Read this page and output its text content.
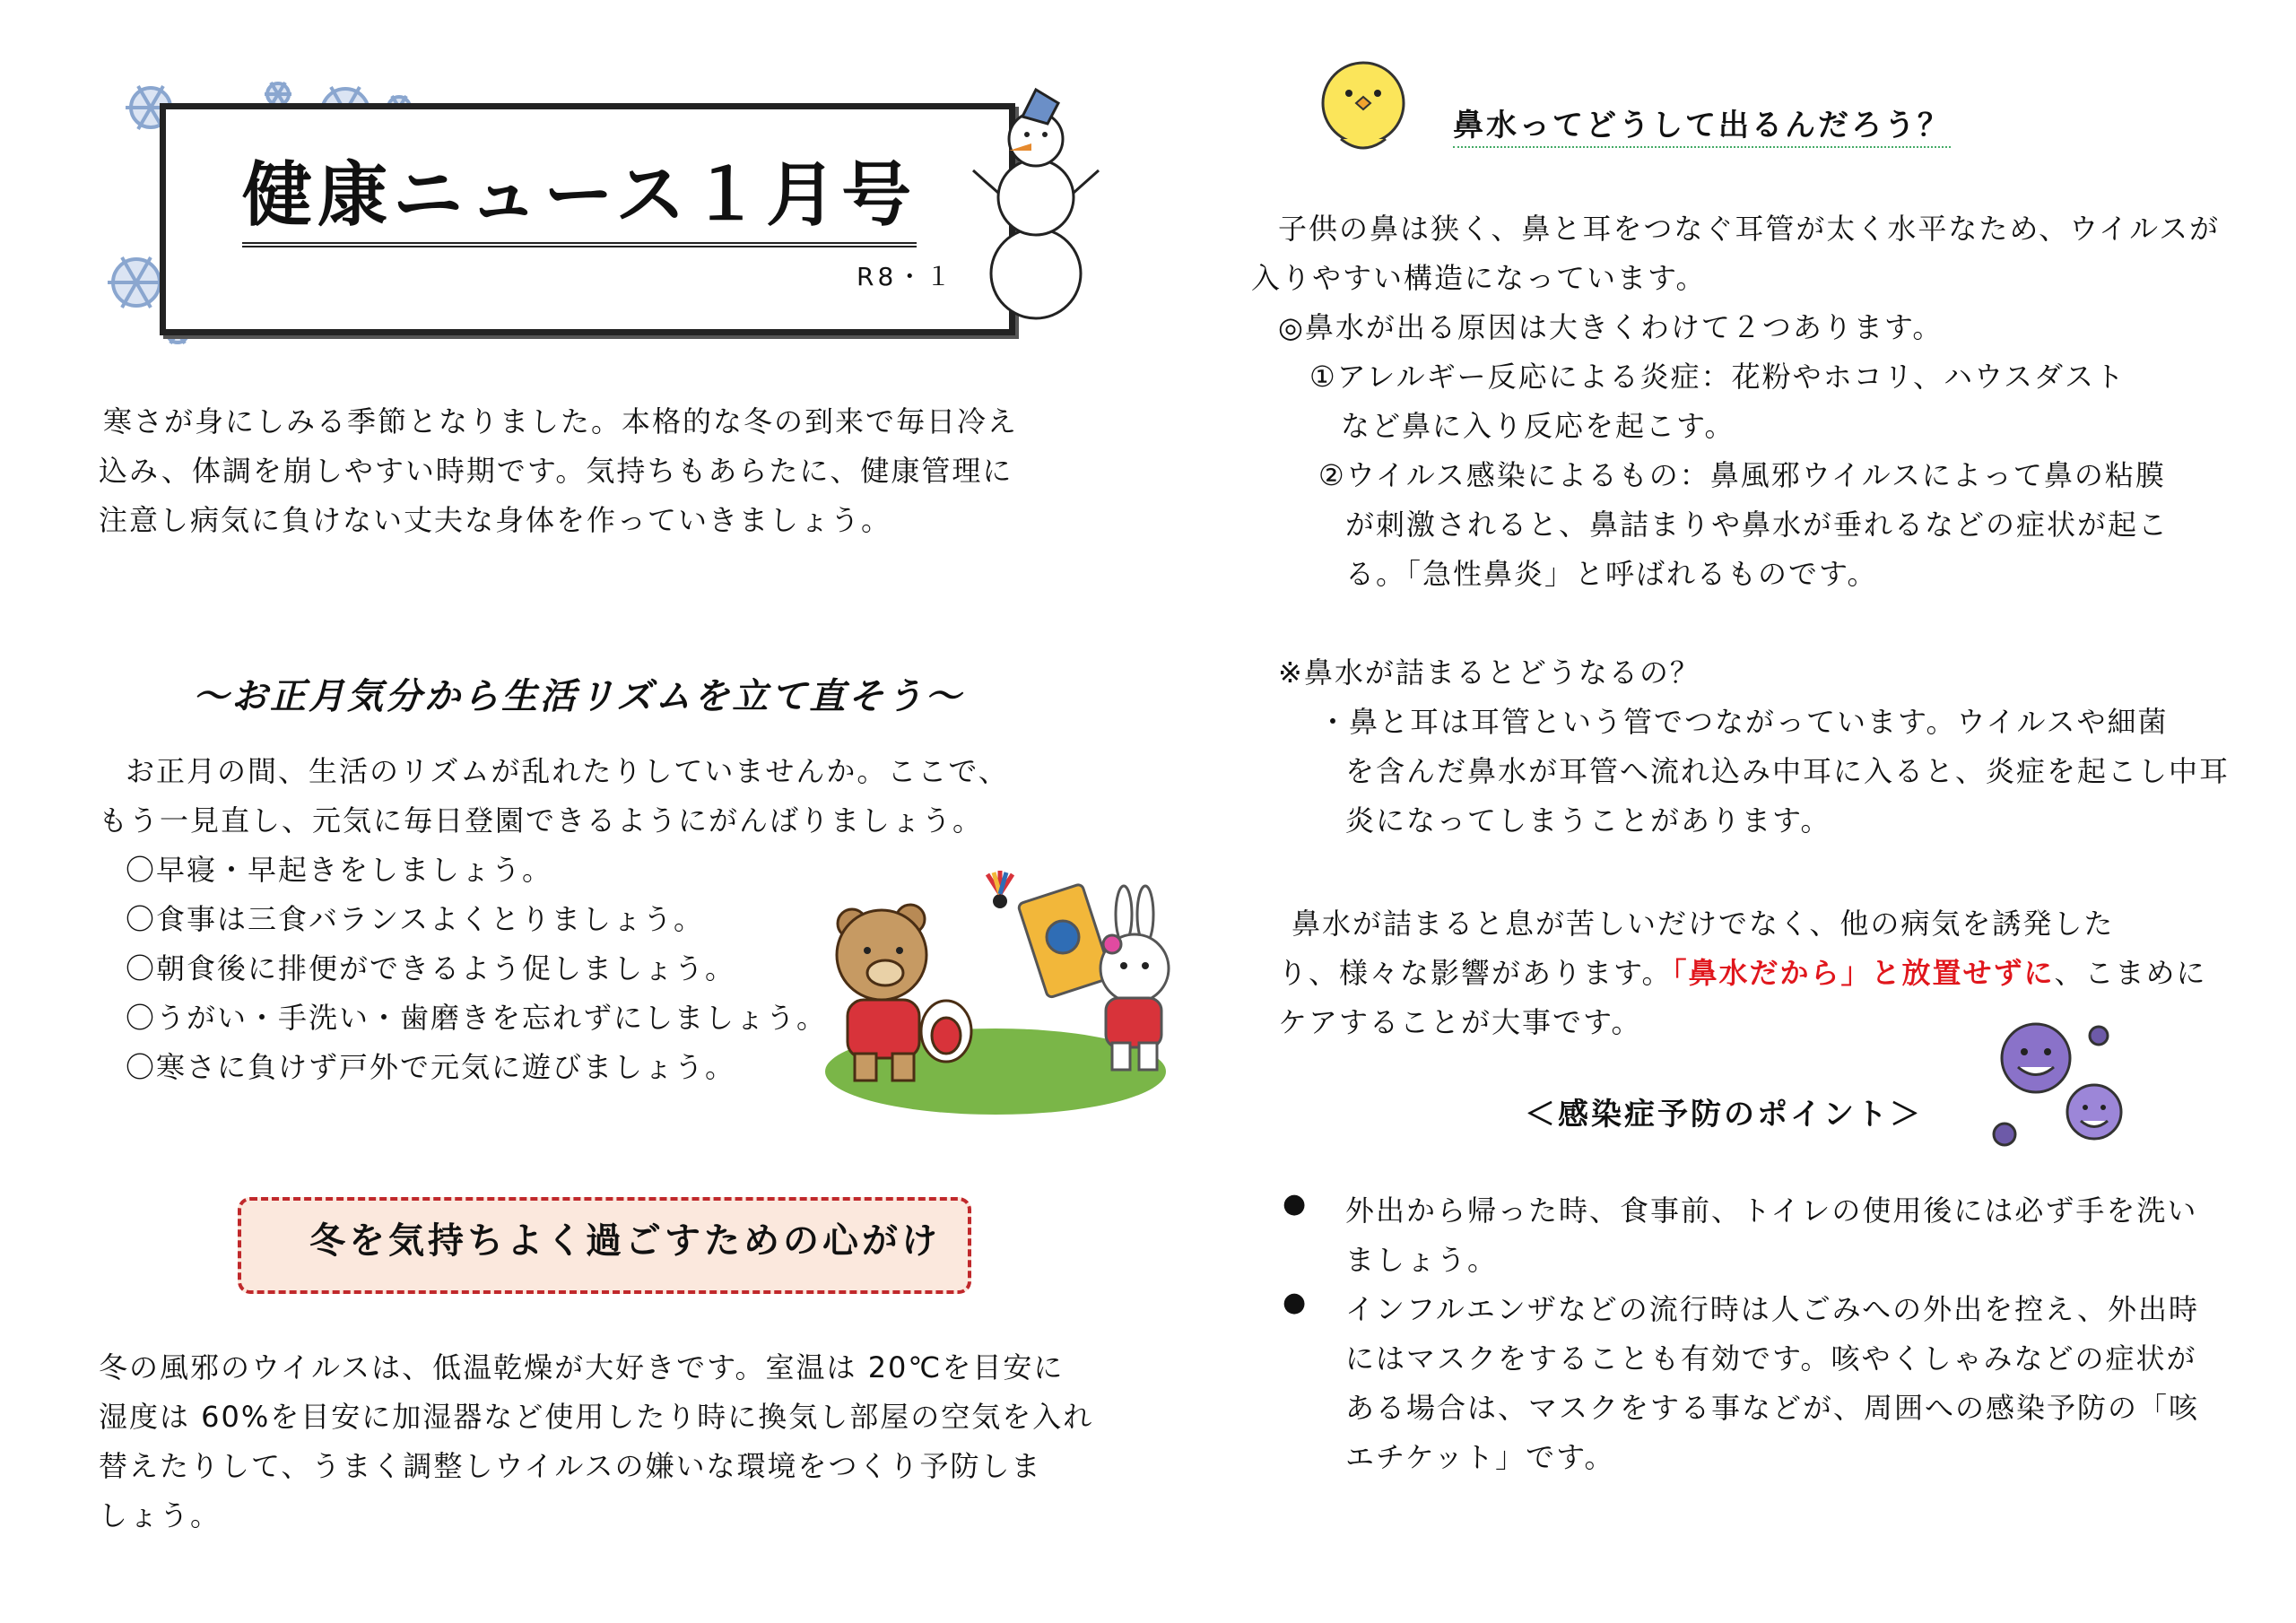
健康ニュース１月号
R8・１
寒さが身にしみる季節となりました。本格的な冬の到来で毎日冷え
込み、体調を崩しやすい時期です。気持ちもあらたに、健康管理に
注意し病気に負けない丈夫な身体を作っていきましょう。
～お正月気分から生活リズムを立て直そう～
お正月の間、生活のリズムが乱れたりしていませんか。ここで、
もう一見直し、元気に毎日登園できるようにがんばりましょう。
〇早寝・早起きをしましょう。
〇食事は三食バランスよくとりましょう。
〇朝食後に排便ができるよう促しましょう。
〇うがい・手洗い・歯磨きを忘れずにしましょう。
〇寒さに負けず戸外で元気に遊びましょう。
冬を気持ちよく過ごすための心がけ
冬の風邪のウイルスは、低温乾燥が大好きです。室温は 20℃を目安に
湿度は 60%を目安に加湿器など使用したり時に換気し部屋の空気を入れ
替えたりして、うまく調整しウイルスの嫌いな環境をつくり予防しま
しょう。
鼻水ってどうして出るんだろう？
子供の鼻は狭く、鼻と耳をつなぐ耳管が太く水平なため、ウイルスが
入りやすい構造になっています。
◎鼻水が出る原因は大きくわけて２つあります。
①アレルギー反応による炎症：花粉やホコリ、ハウスダスト
など鼻に入り反応を起こす。
②ウイルス感染によるもの：鼻風邪ウイルスによって鼻の粘膜
が刺激されると、鼻詰まりや鼻水が垂れるなどの症状が起こ
る。「急性鼻炎」と呼ばれるものです。
※鼻水が詰まるとどうなるの？
・鼻と耳は耳管という管でつながっています。ウイルスや細菌
を含んだ鼻水が耳管へ流れ込み中耳に入ると、炎症を起こし中耳
炎になってしまうことがあります。
鼻水が詰まると息が苦しいだけでなく、他の病気を誘発した
り、様々な影響があります。「鼻水だから」と放置せずに、こまめに
ケアすることが大事です。
＜感染症予防のポイント＞
● 外出から帰った時、食事前、トイレの使用後には必ず手を洗い
ましょう。
● インフルエンザなどの流行時は人ごみへの外出を控え、外出時
にはマスクをすることも有効です。咳やくしゃみなどの症状が
ある場合は、マスクをする事などが、周囲への感染予防の「咳
エチケット」です。
